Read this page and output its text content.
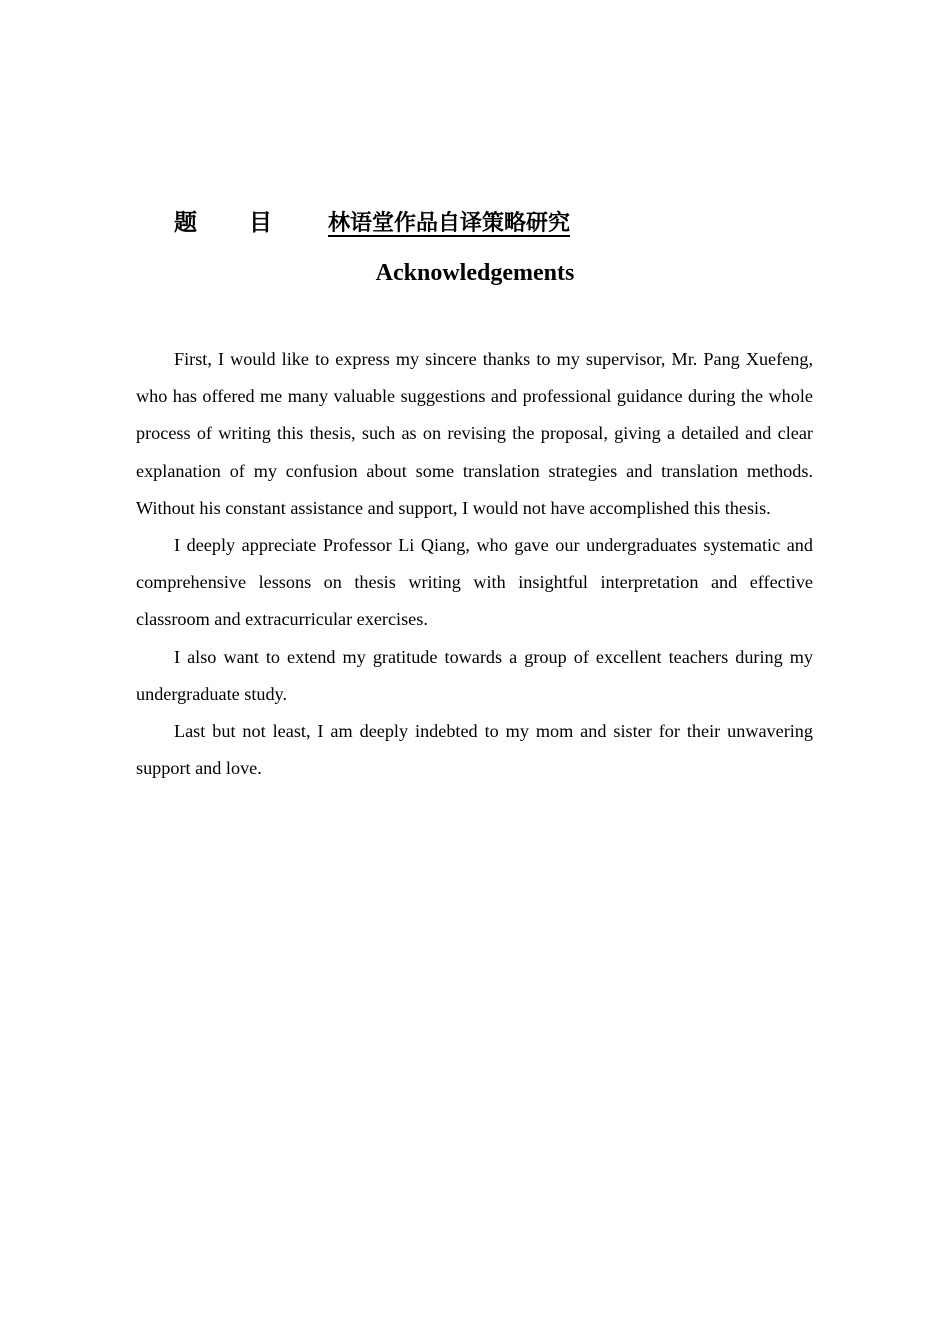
题 目 林语堂作品自译策略研究
Acknowledgements

First, I would like to express my sincere thanks to my supervisor, Mr. Pang Xuefeng, who has offered me many valuable suggestions and professional guidance during the whole process of writing this thesis, such as on revising the proposal, giving a detailed and clear explanation of my confusion about some translation strategies and translation methods. Without his constant assistance and support, I would not have accomplished this thesis.

I deeply appreciate Professor Li Qiang, who gave our undergraduates systematic and comprehensive lessons on thesis writing with insightful interpretation and effective classroom and extracurricular exercises.

I also want to extend my gratitude towards a group of excellent teachers during my undergraduate study.

Last but not least, I am deeply indebted to my mom and sister for their unwavering support and love.
